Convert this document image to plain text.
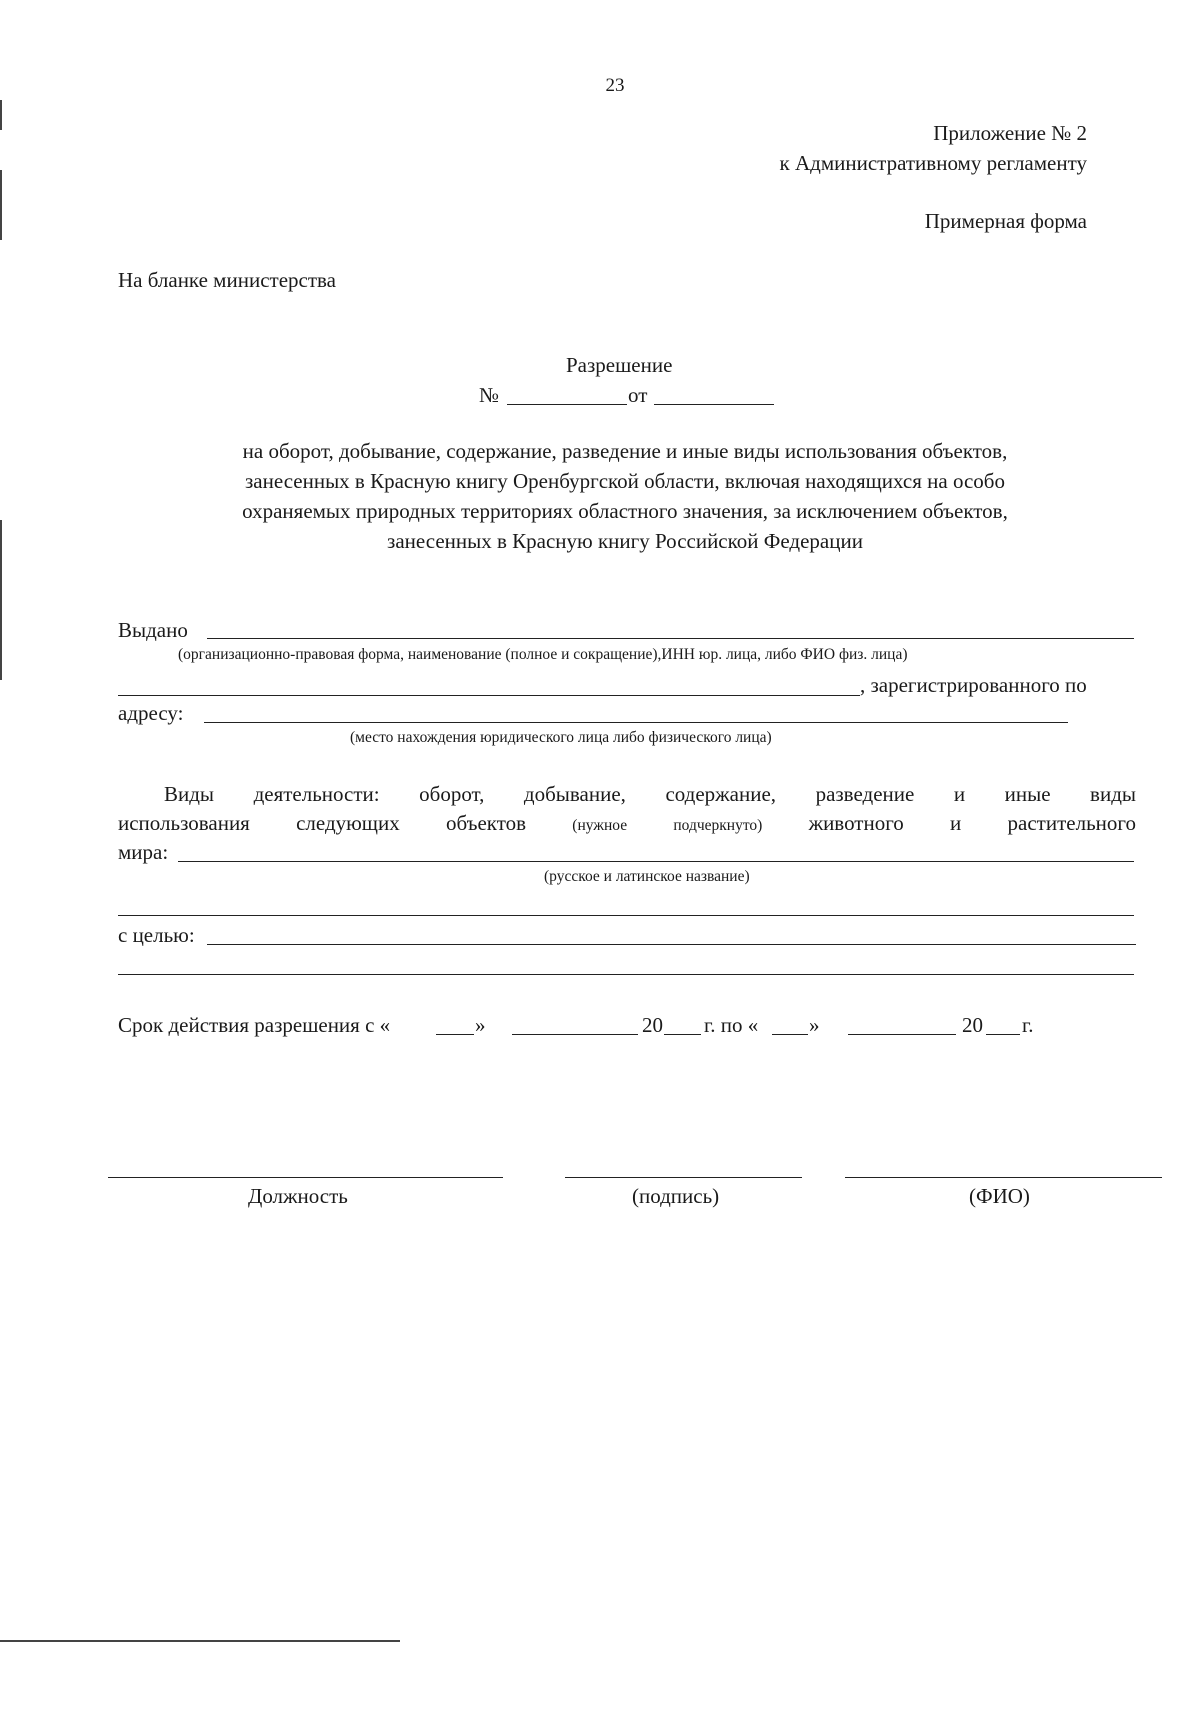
23
Приложение № 2
к Административному регламенту
Примерная форма
На бланке министерства
Разрешение
№	от
на оборот, добывание, содержание, разведение и иные виды использования объектов,
занесенных в Красную книгу Оренбургской области, включая находящихся на особо
охраняемых природных территориях областного значения, за исключением объектов,
занесенных в Красную книгу Российской Федерации
Выдано
(организационно-правовая форма, наименование (полное и сокращение),ИНН юр. лица, либо ФИО физ. лица)
, зарегистрированного по
адресу:
(место нахождения юридического лица либо физического лица)
Виды деятельности: оборот, добывание, содержание, разведение и иные виды
использования следующих объектов	(нужное	подчеркнуто) животного и растительного
мира:
(русское и латинское название)
с целью:
Срок действия разрешения с «	»	20 г. по « »	20 г.
Должность	(подпись)	(ФИО)
